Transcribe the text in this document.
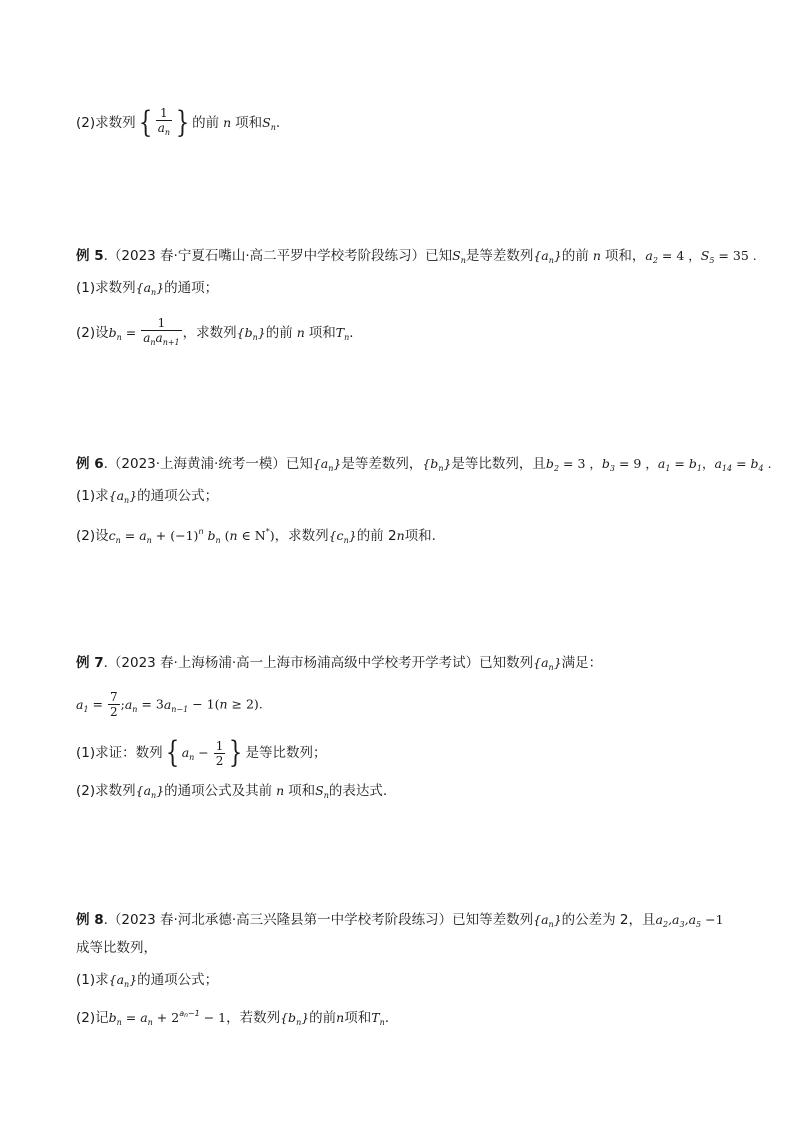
(2)求数列{ $\frac{1}{a_n}$ } 的前 n 项和$S_n$.
例 5.（2023 春·宁夏石嘴山·高二平罗中学校考阶段练习）已知$S_n$是等差数列$\{a_n\}$的前 n 项和，$a_2 = 4$ ，$S_5 = 35$ .
(1)求数列$\{a_n\}$的通项；
(2)设$b_n = \frac{1}{a_na_{n+1}}$ ，求数列$\{b_n\}$的前 n 项和$T_n$.
例 6.（2023·上海黄浦·统考一模）已知$\{a_n\}$是等差数列，$\{b_n\}$是等比数列，且$b_2 = 3$ ，$b_3 = 9$ ，$a_1 = b_1$，$a_{14} = b_4$ .
(1)求$\{a_n\}$的通项公式；
(2)设$c_n = a_n + (-1)^n$ $b_n$ (n ∈ N*)，求数列$\{c_n\}$的前 2n项和.
例 7.（2023 春·上海杨浦·高一上海市杨浦高级中学校考开学考试）已知数列$\{a_n\}$满足：
$a_1 = \frac{7}{2}$ $;a_n = 3a_{n-1} - 1(n \ge 2)$.
(1)求证：数列{ $a_n - \frac{1}{2}$ } 是等比数列；
(2)求数列$\{a_n\}$的通项公式及其前 n 项和$S_n$的表达式.
例 8.（2023 春·河北承德·高三兴隆县第一中学校考阶段练习）已知等差数列$\{a_n\}$的公差为 2，且$a_2,a_3,a_5 -1$
成等比数列，
(1)求$\{a_n\}$的通项公式；
(2)记$b_n = a_n + 2^{a_n-1} - 1$，若数列$\{b_n\}$的前n项和$T_n$.
